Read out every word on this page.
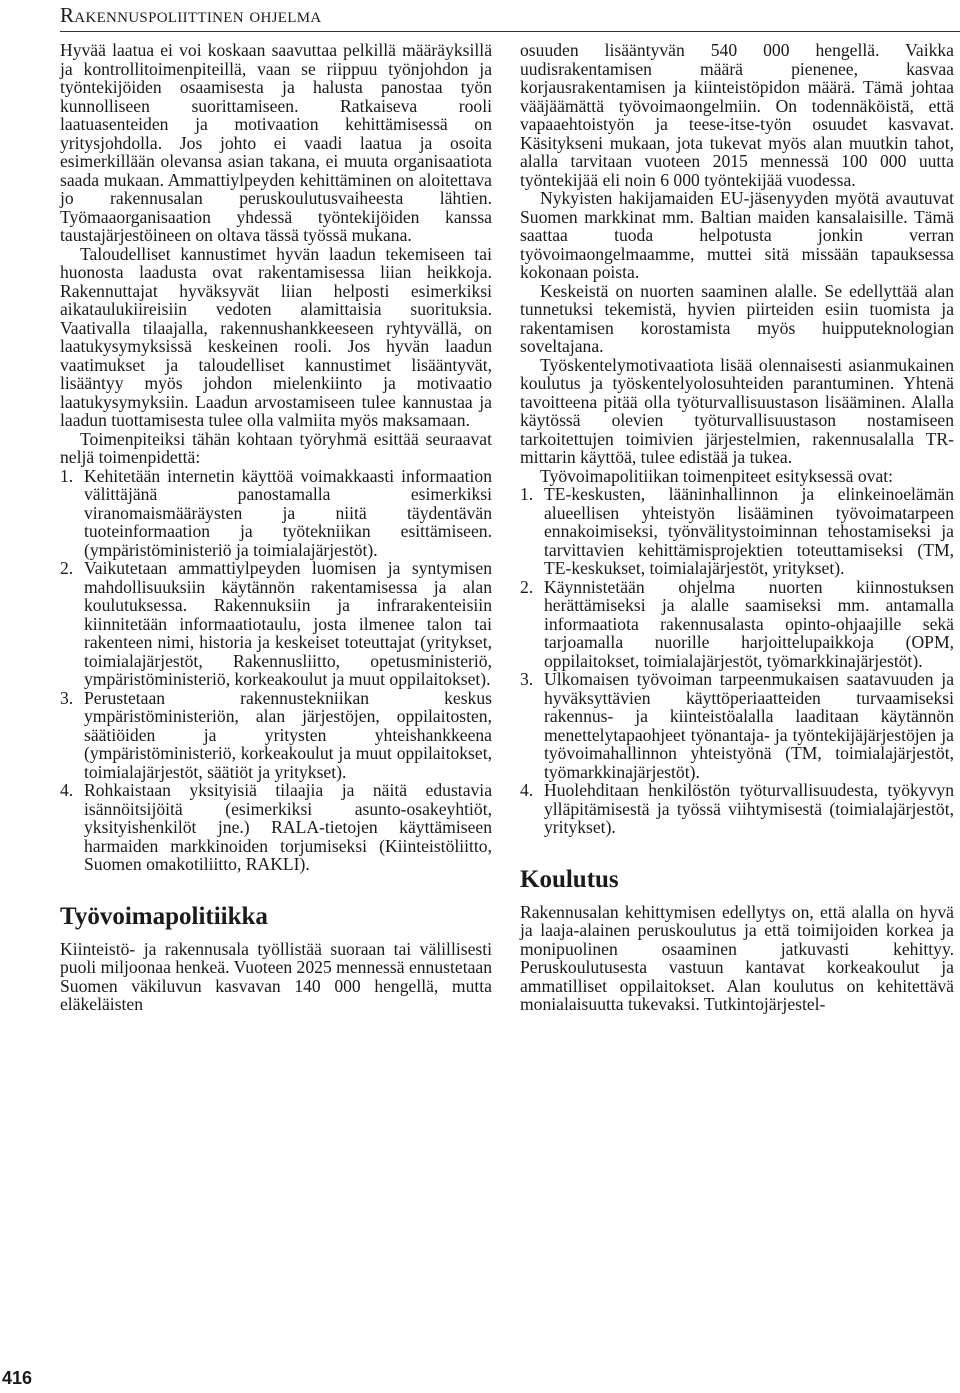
Rakennuspoliittinen ohjelma

Hyvää laatua ei voi koskaan saavuttaa pelkillä määräyksillä ja kontrollitoimenpiteillä, vaan se riippuu työnjohdon ja työntekijöiden osaamisesta ja halusta panostaa työn kunnolliseen suorittamiseen. Ratkaiseva rooli laatuasenteiden ja motivaation kehittämisessä on yritysjohdolla. Jos johto ei vaadi laatua ja osoita esimerkillään olevansa asian takana, ei muuta organisaatiota saada mukaan. Ammattiylpeyden kehittäminen on aloitettava jo rakennusalan peruskoulutusvaiheesta lähtien. Työmaaorganisaation yhdessä työntekijöiden kanssa taustajärjestöineen on oltava tässä työssä mukana.

Taloudelliset kannustimet hyvän laadun tekemiseen tai huonosta laadusta ovat rakentamisessa liian heikkoja. Rakennuttajat hyväksyvät liian helposti esimerkiksi aikataulukiireisiin vedoten alamittaisia suorituksia. Vaativalla tilaajalla, rakennushankkeeseen ryhtyvällä, on laatukysymyksissä keskeinen rooli. Jos hyvän laadun vaatimukset ja taloudelliset kannustimet lisääntyvät, lisääntyy myös johdon mielenkiinto ja motivaatio laatukysymyksiin. Laadun arvostamiseen tulee kannustaa ja laadun tuottamisesta tulee olla valmiita myös maksamaan.

Toimenpiteiksi tähän kohtaan työryhmä esittää seuraavat neljä toimenpidettä:

1. Kehitetään internetin käyttöä voimakkaasti informaation välittäjänä panostamalla esimerkiksi viranomaismääräysten ja niitä täydentävän tuoteinformaation ja työtekniikan esittämiseen. (ympäristöministeriö ja toimialajärjestöt).
2. Vaikutetaan ammattiylpeyden luomisen ja syntymisen mahdollisuuksiin käytännön rakentamisessa ja alan koulutuksessa. Rakennuksiin ja infrarakenteisiin kiinnitetään informaatiotaulu, josta ilmenee talon tai rakenteen nimi, historia ja keskeiset toteuttajat (yritykset, toimialajärjestöt, Rakennusliitto, opetusministeriö, ympäristöministeriö, korkeakoulut ja muut oppilaitokset).
3. Perustetaan rakennustekniikan keskus ympäristöministeriön, alan järjestöjen, oppilaitosten, säätiöiden ja yritysten yhteishankkeena (ympäristöministeriö, korkeakoulut ja muut oppilaitokset, toimialajärjestöt, säätiöt ja yritykset).
4. Rohkaistaan yksityisiä tilaajia ja näitä edustavia isännöitsijöitä (esimerkiksi asunto-osakeyhtiöt, yksityishenkilöt jne.) RALA-tietojen käyttämiseen harmaiden markkinoiden torjumiseksi (Kiinteistöliitto, Suomen omakotiliitto, RAKLI).
Työvoimapolitiikka

Kiinteistö- ja rakennusala työllistää suoraan tai välillisesti puoli miljoonaa henkeä. Vuoteen 2025 mennessä ennustetaan Suomen väkiluvun kasvavan 140 000 hengellä, mutta eläkeläisten

osuuden lisääntyvän 540 000 hengellä. Vaikka uudisrakentamisen määrä pienenee, kasvaa korjausrakentamisen ja kiinteistöpidon määrä. Tämä johtaa vääjäämättä työvoimaongelmiin. On todennäköistä, että vapaaehtoistyön ja teese-itse-työn osuudet kasvavat. Käsitykseni mukaan, jota tukevat myös alan muutkin tahot, alalla tarvitaan vuoteen 2015 mennessä 100 000 uutta työntekijää eli noin 6 000 työntekijää vuodessa.

Nykyisten hakijamaiden EU-jäsenyyden myötä avautuvat Suomen markkinat mm. Baltian maiden kansalaisille. Tämä saattaa tuoda helpotusta jonkin verran työvoimaongelmaamme, muttei sitä missään tapauksessa kokonaan poista.

Keskeistä on nuorten saaminen alalle. Se edellyttää alan tunnetuksi tekemistä, hyvien piirteiden esiin tuomista ja rakentamisen korostamista myös huipputeknologian soveltajana.

Työskentelymotivaatiota lisää olennaisesti asianmukainen koulutus ja työskentelyolosuhteiden parantuminen. Yhtenä tavoitteena pitää olla työturvallisuustason lisääminen. Alalla käytössä olevien työturvallisuustason nostamiseen tarkoitettujen toimivien järjestelmien, rakennusalalla TR-mittarin käyttöä, tulee edistää ja tukea.

Työvoimapolitiikan toimenpiteet esityksessä ovat:

1. TE-keskusten, lääninhallinnon ja elinkeinoelämän alueellisen yhteistyön lisääminen työvoimatarpeen ennakoimiseksi, työnvälitystoiminnan tehostamiseksi ja tarvittavien kehittämisprojektien toteuttamiseksi (TM, TE-keskukset, toimialajärjestöt, yritykset).
2. Käynnistetään ohjelma nuorten kiinnostuksen herättämiseksi ja alalle saamiseksi mm. antamalla informaatiota rakennusalasta opinto-ohjaajille sekä tarjoamalla nuorille harjoittelupaikkoja (OPM, oppilaitokset, toimialajärjestöt, työmarkkinajärjestöt).
3. Ulkomaisen työvoiman tarpeenmukaisen saatavuuden ja hyväksyttävien käyttöperiaatteiden turvaamiseksi rakennus- ja kiinteistöalalla laaditaan käytännön menettelytapaohjeet työnantaja- ja työntekijäjärjestöjen ja työvoimahallinnon yhteistyönä (TM, toimialajärjestöt, työmarkkinajärjestöt).
4. Huolehditaan henkilöstön työturvallisuudesta, työkyvyn ylläpitämisestä ja työssä viihtymisestä (toimialajärjestöt, yritykset).
Koulutus

Rakennusalan kehittymisen edellytys on, että alalla on hyvä ja laaja-alainen peruskoulutus ja että toimijoiden korkea ja monipuolinen osaaminen jatkuvasti kehittyy. Peruskoulutusesta vastuun kantavat korkeakoulut ja ammatilliset oppilaitokset. Alan koulutus on kehitettävä monialaisuutta tukevaksi. Tutkintojärjestel-

416
